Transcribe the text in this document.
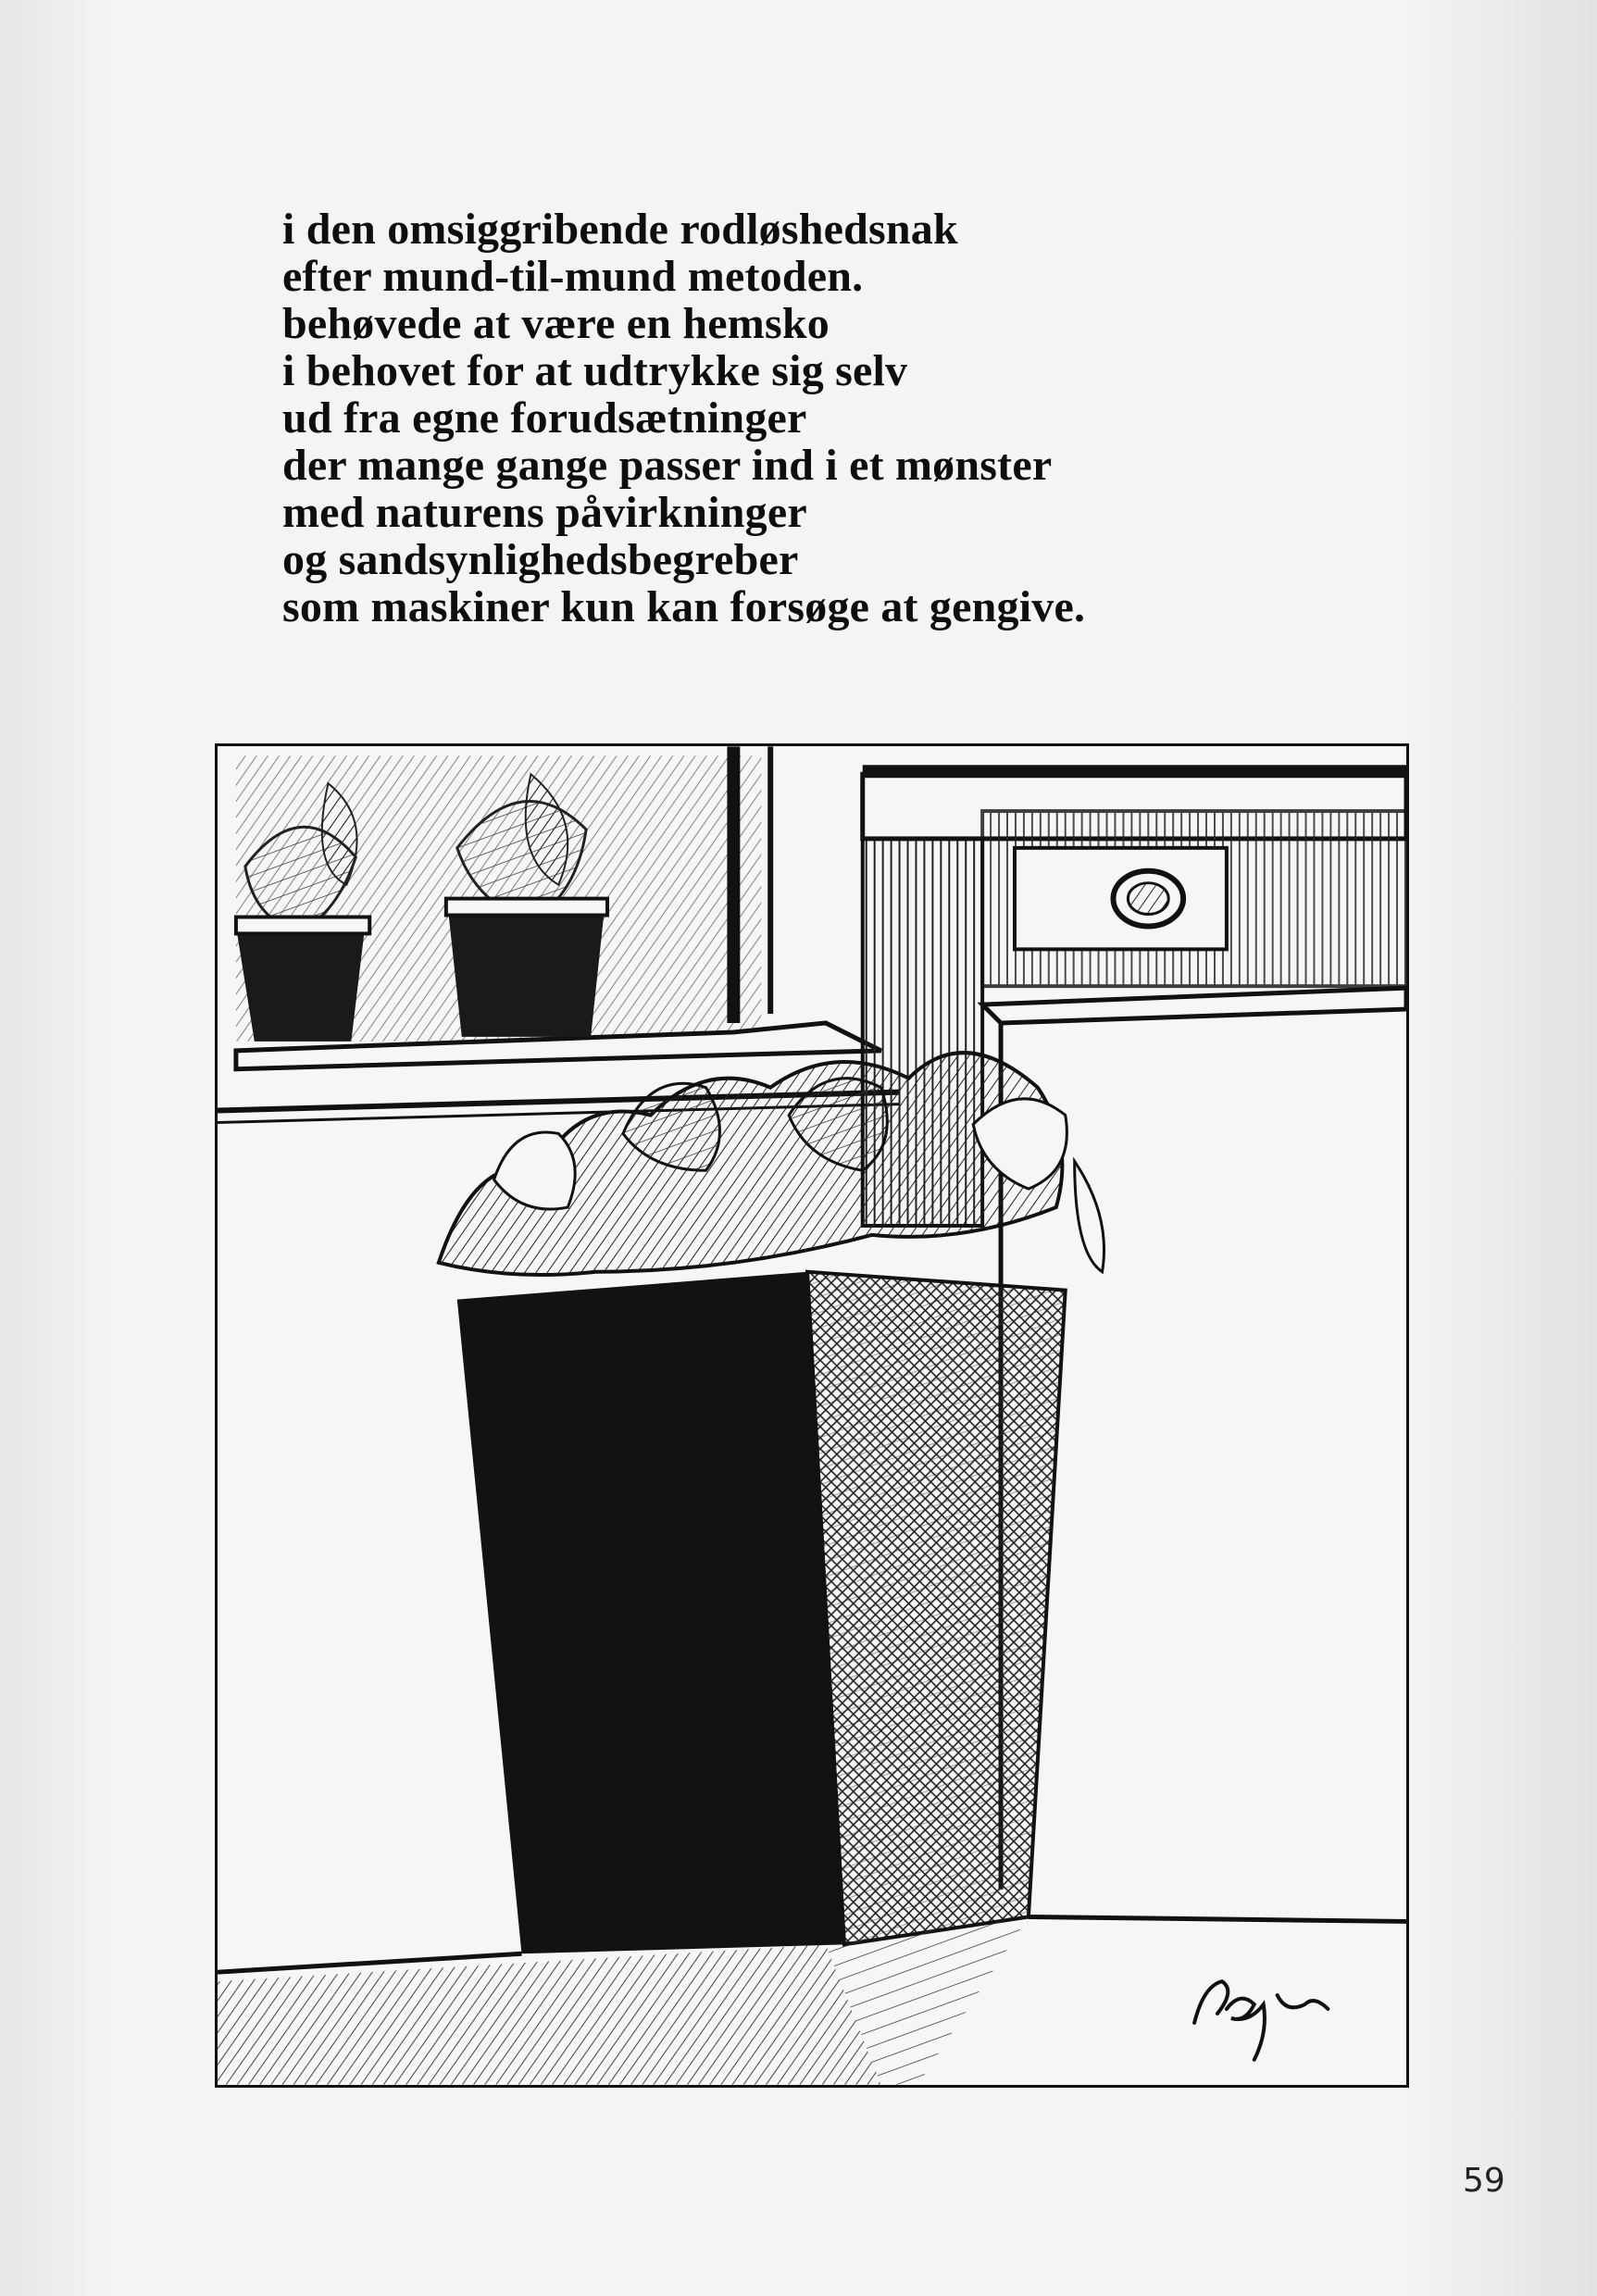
i den omsiggribende rodløshedsnak
efter mund-til-mund metoden.
behøvede at være en hemsko
i behovet for at udtrykke sig selv
ud fra egne forudsætninger
der mange gange passer ind i et mønster
med naturens påvirkninger
og sandsynlighedsbegreber
som maskiner kun kan forsøge at gengive.
59
